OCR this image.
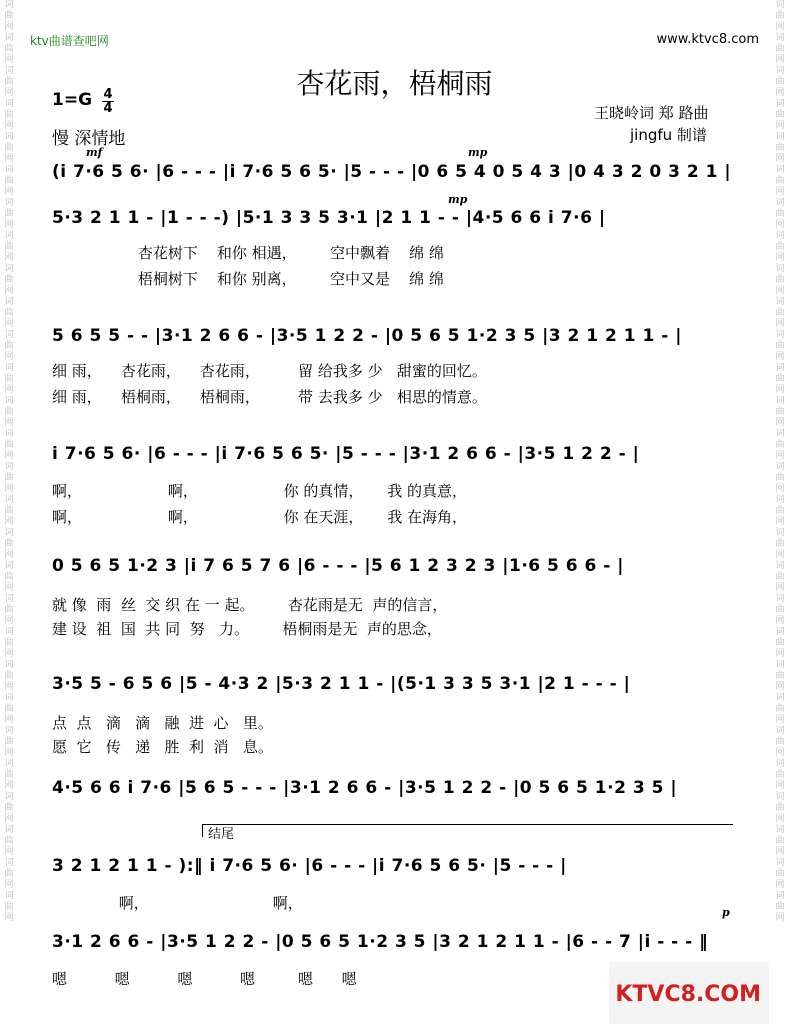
词曲网词曲网词曲网词曲网词曲网词曲网词曲网词曲网词曲网词曲网词曲网词曲网词曲网词曲网词曲网词曲网词曲网词曲网词曲网词曲网词曲网词曲网词曲网词曲网词曲网词曲网词曲网词曲网
词曲网词曲网词曲网词曲网词曲网词曲网词曲网词曲网词曲网词曲网词曲网词曲网词曲网词曲网词曲网词曲网词曲网词曲网词曲网词曲网词曲网词曲网词曲网词曲网词曲网词曲网词曲网词曲网
ktv曲谱查吧网	www.ktvc8.com
杏花雨，梧桐雨
1=G 4
4
慢 深情地
王晓岭词 郑 路曲
jingfu 制谱
mf	mp
mp
p
(i 7·6 5 6· |6 - - - |i 7·6 5 6 5· |5 - - - |0 6 5 4 0 5 4 3 |0 4 3 2 0 3 2 1 |
5·3 2 1 1 - |1 - - -) |5·1 3 3 5 3·1 |2 1 1 - - |4·5 6 6 i 7·6 |
杏花树下    和你 相遇，       空中飘着    绵 绵
梧桐树下    和你 别离，       空中又是    绵 绵
5 6 5 5 - - |3·1 2 6 6 - |3·5 1 2 2 - |0 5 6 5 1·2 3 5 |3 2 1 2 1 1 - |
细 雨，    杏花雨，    杏花雨，        留 给我多 少   甜蜜的回忆。
细 雨，    梧桐雨，    梧桐雨，        带 去我多 少   相思的情意。
i 7·6 5 6· |6 - - - |i 7·6 5 6 5· |5 - - - |3·1 2 6 6 - |3·5 1 2 2 - |
啊，                  啊，                  你 的真情，     我 的真意，
啊，                  啊，                  你 在天涯，     我 在海角，
0 5 6 5 1·2 3 |i 7 6 5 7 6 |6 - - - |5 6 1 2 3 2 3 |1·6 5 6 6 - |
就 像  雨  丝  交 织 在 一 起。       杏花雨是无  声的信言，
建 设  祖  国  共 同  努   力。       梧桐雨是无  声的思念，
3·5 5 - 6 5 6 |5 - 4·3 2 |5·3 2 1 1 - |(5·1 3 3 5 3·1 |2 1 - - - |
点  点   滴   滴   融  进  心   里。
愿  它   传   递   胜  利  消   息。
4·5 6 6 i 7·6 |5 6 5 - - - |3·1 2 6 6 - |3·5 1 2 2 - |0 5 6 5 1·2 3 5 |
结尾
3 2 1 2 1 1 - ):‖ i 7·6 5 6· |6 - - - |i 7·6 5 6 5· |5 - - - |
啊，                          啊，
3·1 2 6 6 - |3·5 1 2 2 - |0 5 6 5 1·2 3 5 |3 2 1 2 1 1 - |6 - - 7 |i - - - ‖
嗯          嗯          嗯          嗯         嗯      嗯
KTVC8.COM
